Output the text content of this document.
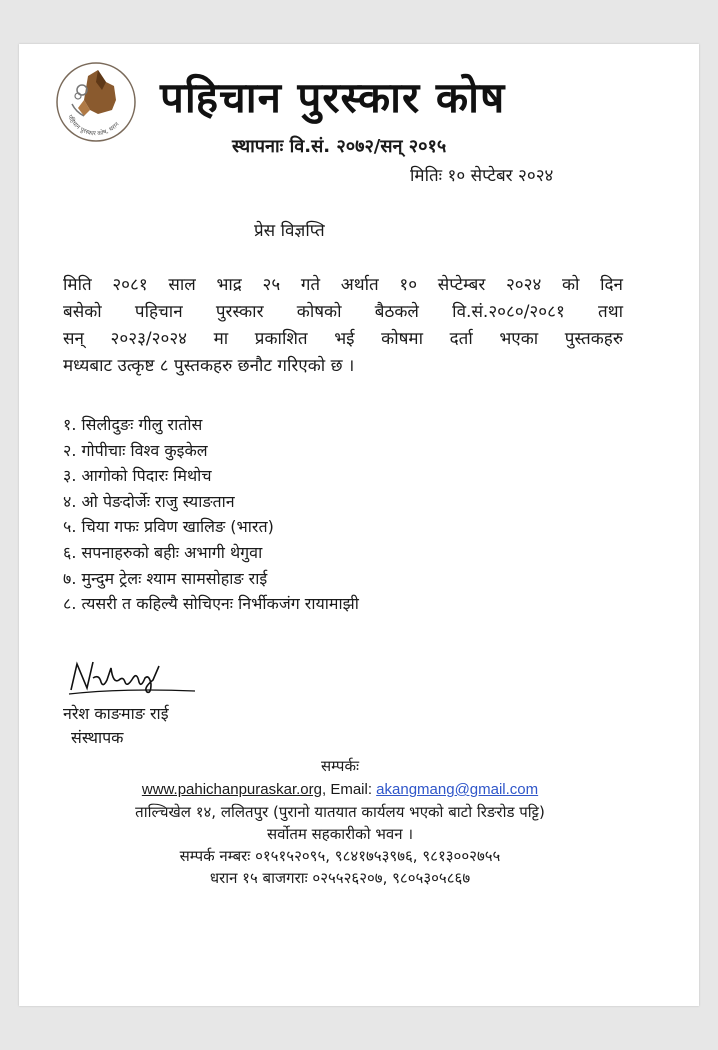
पहिचान पुरस्कार कोष, धरान
पहिचान पुरस्कार कोष
स्थापनाः वि.सं. २०७२/सन् २०१५
मितिः १० सेप्टेबर २०२४
प्रेस विज्ञप्ति
मिति २०८१ साल भाद्र २५ गते अर्थात १० सेप्टेम्बर २०२४ को दिन
बसेको पहिचान पुरस्कार कोषको बैठकले वि.सं.२०८०/२०८१ तथा
सन् २०२३/२०२४ मा प्रकाशित भई कोषमा दर्ता भएका पुस्तकहरु
मध्यबाट उत्कृष्ट ८ पुस्तकहरु छनौट गरिएको छ ।
१. सिलीदुङः गीलु रातोस
२. गोपीचाः विश्व कुइकेल
३. आगोको पिदारः मिथोच
४. ओ पेङदोर्जेः राजु स्याङतान
५. चिया गफः प्रविण खालिङ (भारत)
६. सपनाहरुको बहीः अभागी थेगुवा
७. मुन्दुम ट्रेलः श्याम सामसोहाङ राई
८. त्यसरी त कहिल्यै सोचिएनः निर्भीकजंग रायामाझी
नरेश काङमाङ राई
संस्थापक
सम्पर्कः
www.pahichanpuraskar.org, Email: akangmang@gmail.com
ताल्चिखेल १४, ललितपुर (पुरानो यातयात कार्यलय भएको बाटो रिङरोड पट्टि)
सर्वोतम सहकारीको भवन ।
सम्पर्क नम्बरः ०१५१५२०९५, ९८४१७५३९७६, ९८१३००२७५५
धरान १५ बाजगराः ०२५५२६२०७, ९८०५३०५८६७
